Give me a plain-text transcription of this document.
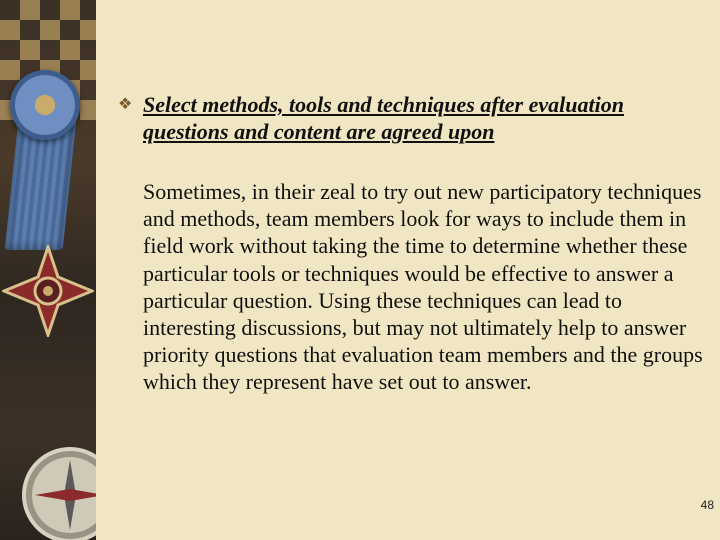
❖ Select methods, tools and techniques after evaluation questions and content are agreed upon
Sometimes, in their zeal to try out new participatory techniques and methods, team members look for ways to include them in field work without taking the time to determine whether these particular tools or techniques would be effective to answer a particular question. Using these techniques can lead to interesting discussions, but may not ultimately help to answer priority questions that evaluation team members and the groups which they represent have set out to answer.
48
